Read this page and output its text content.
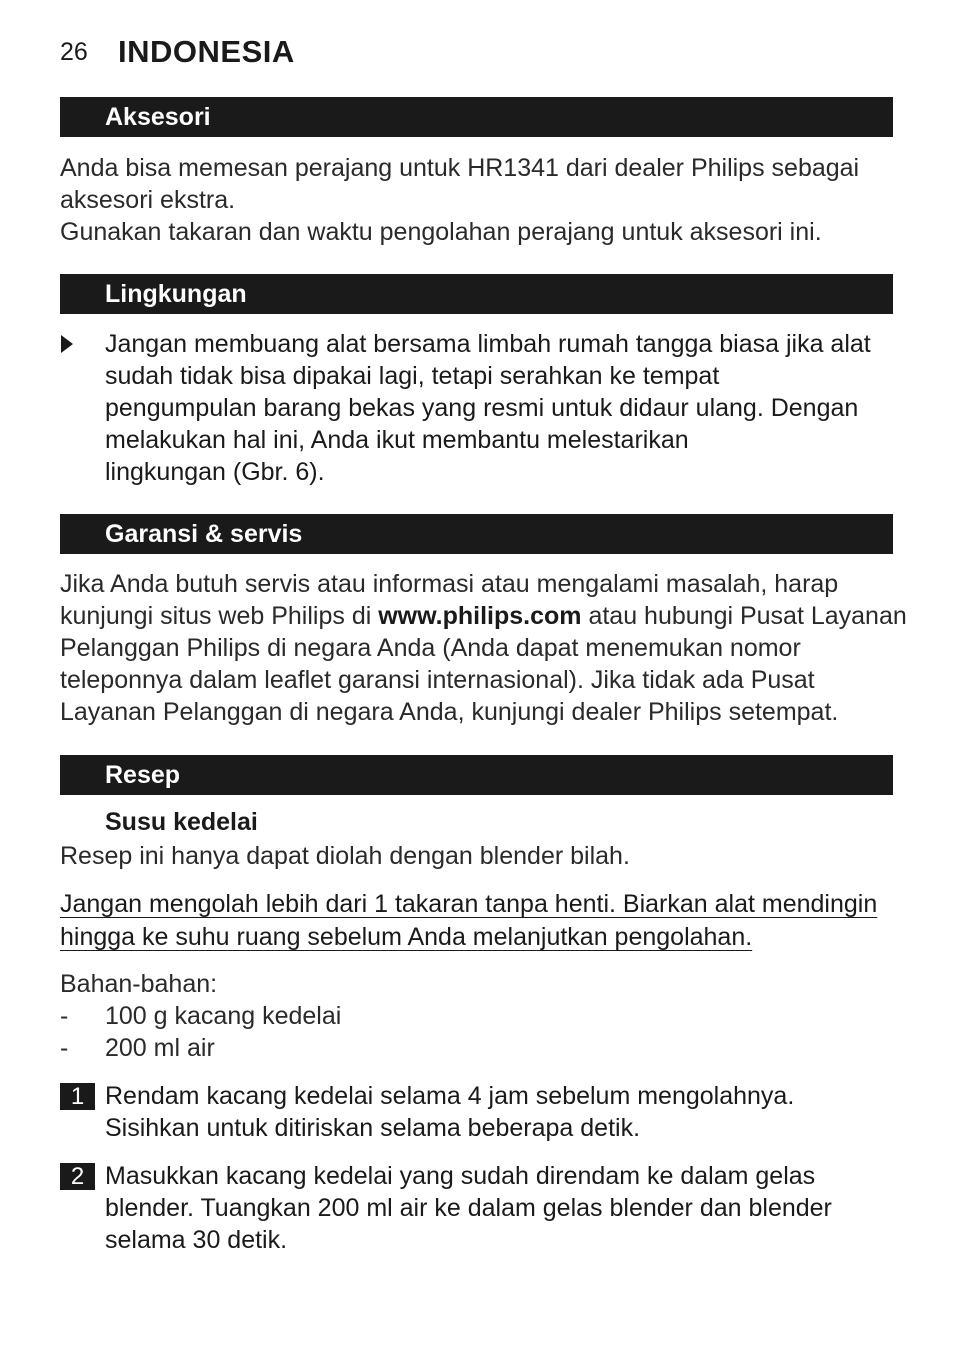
26 INDONESIA
Aksesori
Anda bisa memesan perajang untuk HR1341 dari dealer Philips sebagai
aksesori ekstra.
Gunakan takaran dan waktu pengolahan perajang untuk aksesori ini.
Lingkungan
Jangan membuang alat bersama limbah rumah tangga biasa jika alat
sudah tidak bisa dipakai lagi, tetapi serahkan ke tempat
pengumpulan barang bekas yang resmi untuk didaur ulang. Dengan
melakukan hal ini, Anda ikut membantu melestarikan
lingkungan (Gbr. 6).
Garansi & servis
Jika Anda butuh servis atau informasi atau mengalami masalah, harap
kunjungi situs web Philips di www.philips.com atau hubungi Pusat Layanan
Pelanggan Philips di negara Anda (Anda dapat menemukan nomor
teleponnya dalam leaflet garansi internasional). Jika tidak ada Pusat
Layanan Pelanggan di negara Anda, kunjungi dealer Philips setempat.
Resep
Susu kedelai
Resep ini hanya dapat diolah dengan blender bilah.
Jangan mengolah lebih dari 1 takaran tanpa henti. Biarkan alat mendingin
hingga ke suhu ruang sebelum Anda melanjutkan pengolahan.
Bahan-bahan:
- 100 g kacang kedelai
- 200 ml air
1 Rendam kacang kedelai selama 4 jam sebelum mengolahnya.
Sisihkan untuk ditiriskan selama beberapa detik.
2 Masukkan kacang kedelai yang sudah direndam ke dalam gelas
blender. Tuangkan 200 ml air ke dalam gelas blender dan blender
selama 30 detik.
